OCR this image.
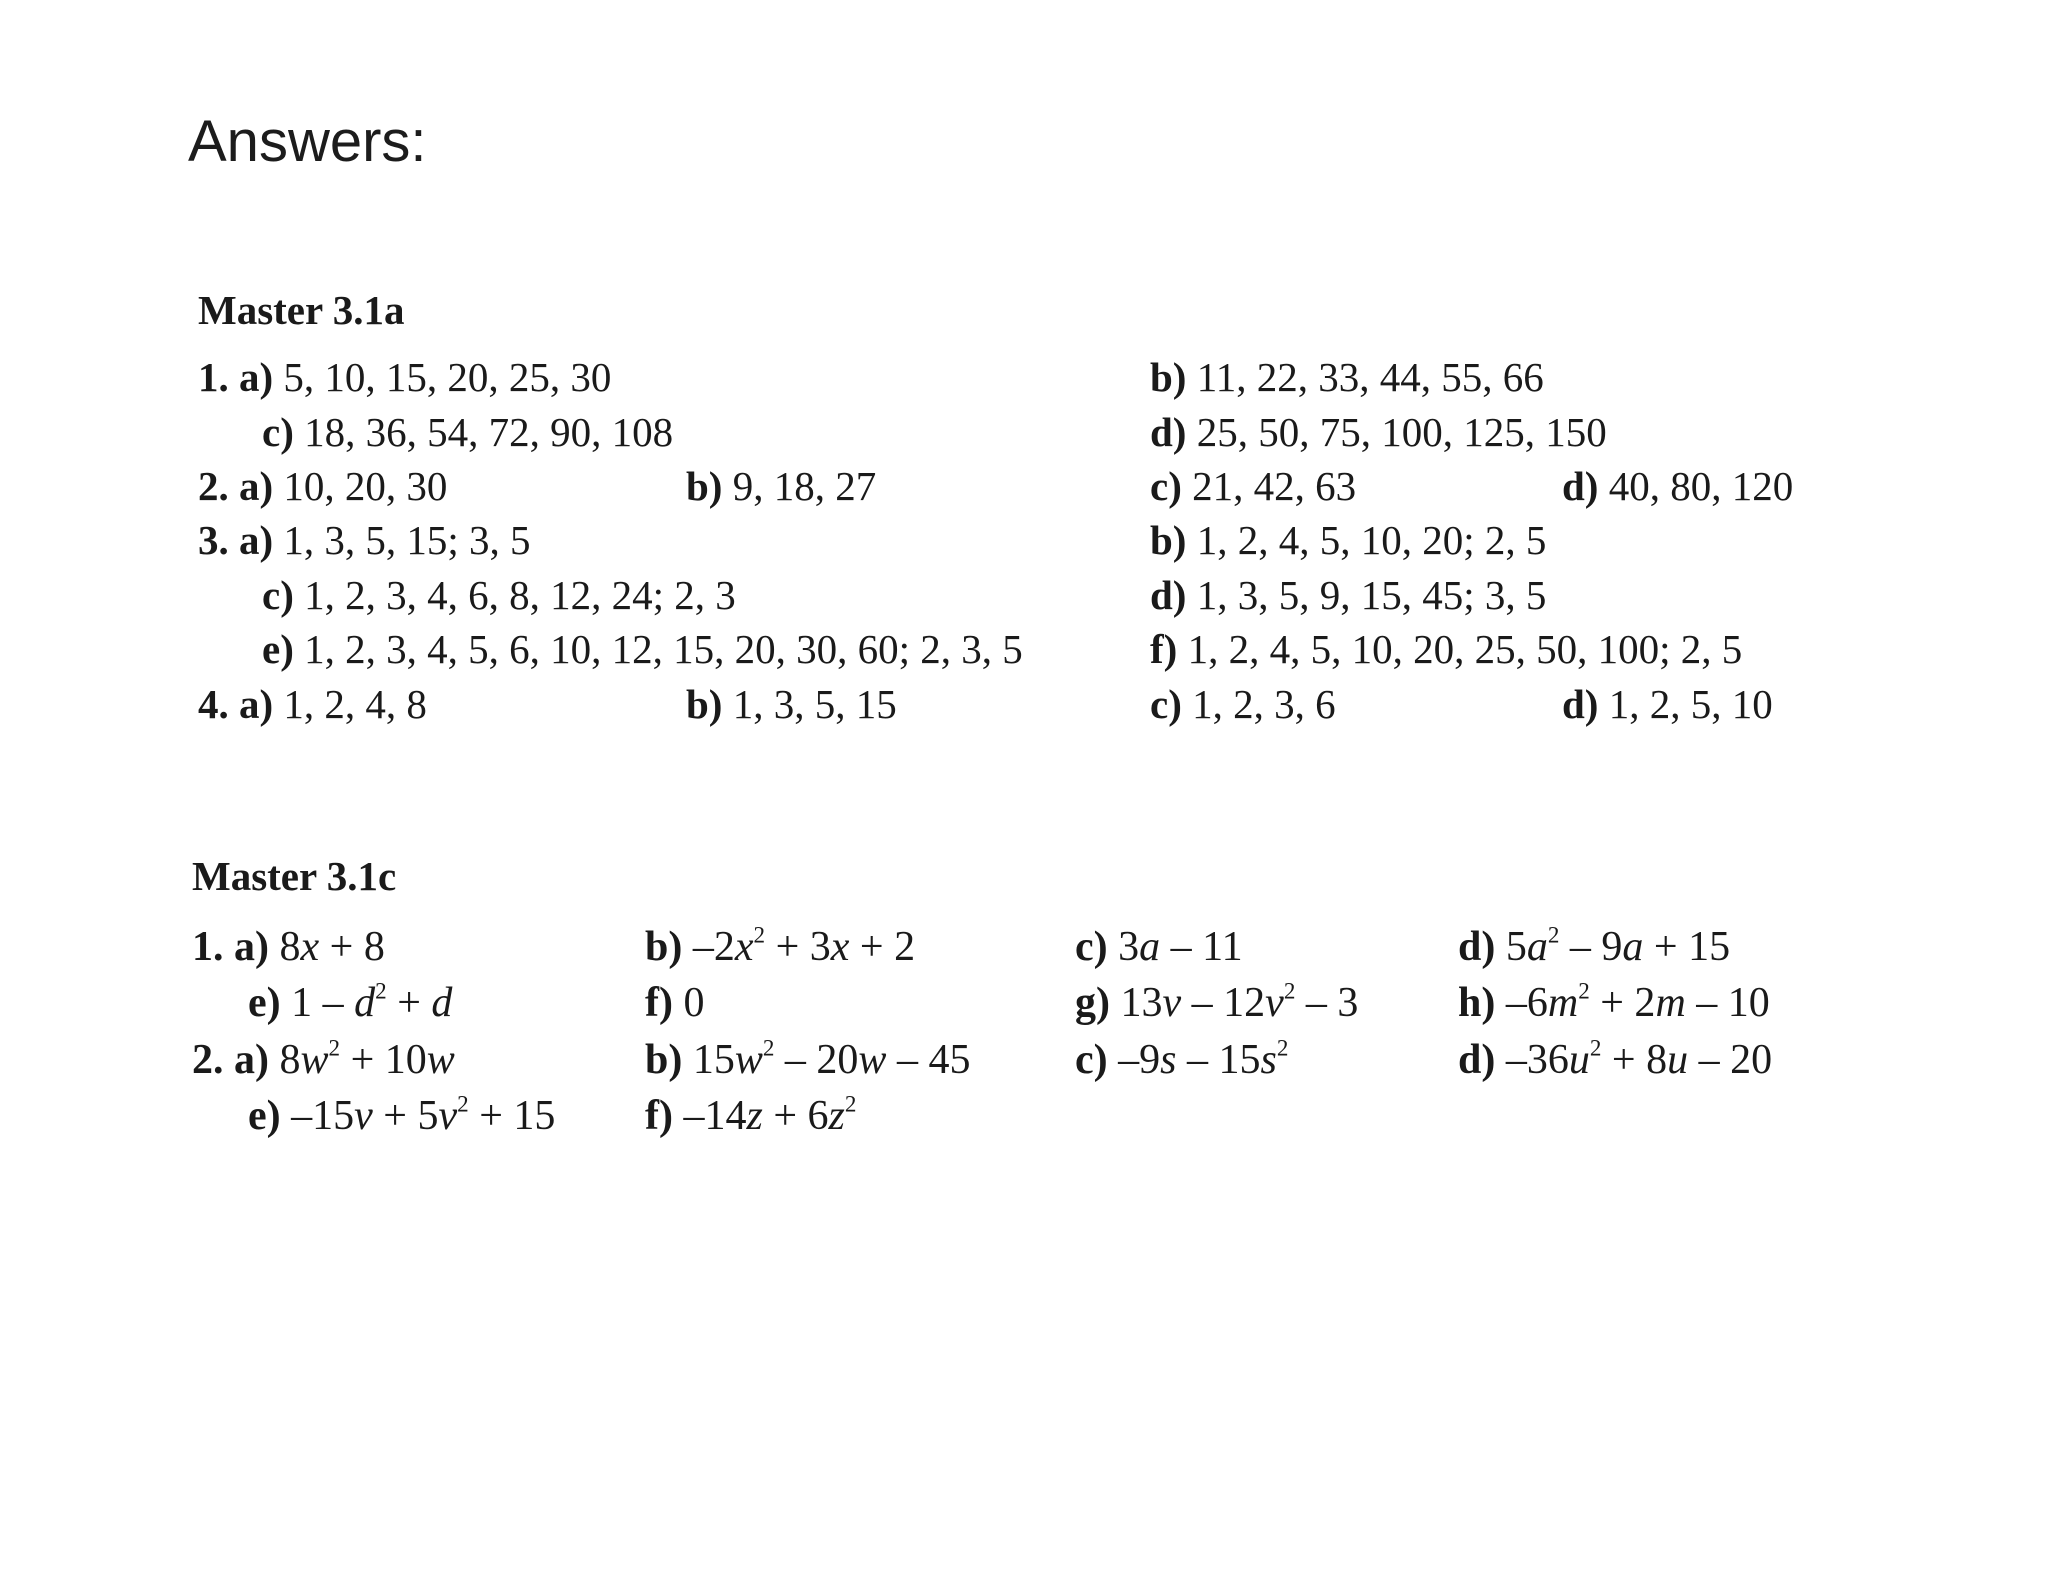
Answers:
Master 3.1a
1. a) 5, 10, 15, 20, 25, 30	b) 11, 22, 33, 44, 55, 66
c) 18, 36, 54, 72, 90, 108	d) 25, 50, 75, 100, 125, 150
2. a) 10, 20, 30	b) 9, 18, 27	c) 21, 42, 63	d) 40, 80, 120
3. a) 1, 3, 5, 15; 3, 5	b) 1, 2, 4, 5, 10, 20; 2, 5
c) 1, 2, 3, 4, 6, 8, 12, 24; 2, 3	d) 1, 3, 5, 9, 15, 45; 3, 5
e) 1, 2, 3, 4, 5, 6, 10, 12, 15, 20, 30, 60; 2, 3, 5	f) 1, 2, 4, 5, 10, 20, 25, 50, 100; 2, 5
4. a) 1, 2, 4, 8	b) 1, 3, 5, 15	c) 1, 2, 3, 6	d) 1, 2, 5, 10
Master 3.1c
1. a) 8x + 8	b) $-2x^2 + 3x + 2$	c) 3a – 11	d) $5a^2 - 9a + 15$
e) $1 - d^2 + d$	f) 0	g) $13v - 12v^2 - 3$ h) $-6m^2 + 2m - 10$
2. a) $8w^2 + 10w$	b) $15w^2 - 20w - 45$ c) $-9s - 15s^2$	d) $-36u^2 + 8u - 20$
e) $-15v + 5v^2 + 15$ f) $-14z + 6z^2$
